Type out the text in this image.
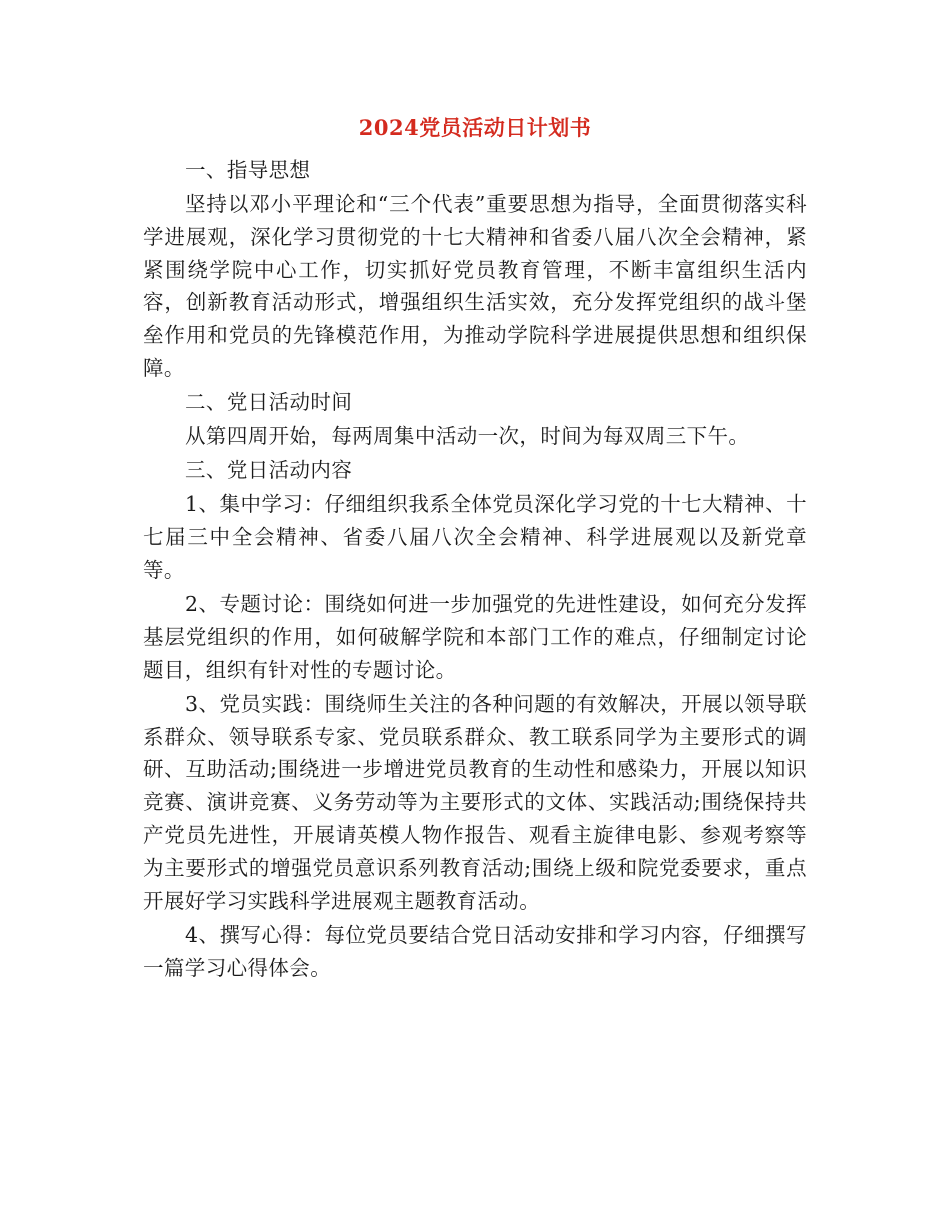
2024党员活动日计划书
一、指导思想
坚持以邓小平理论和“三个代表”重要思想为指导，全面贯彻落实科学进展观，深化学习贯彻党的十七大精神和省委八届八次全会精神，紧紧围绕学院中心工作，切实抓好党员教育管理，不断丰富组织生活内容，创新教育活动形式，增强组织生活实效，充分发挥党组织的战斗堡垒作用和党员的先锋模范作用，为推动学院科学进展提供思想和组织保障。
二、党日活动时间
从第四周开始，每两周集中活动一次，时间为每双周三下午。
三、党日活动内容
1、集中学习：仔细组织我系全体党员深化学习党的十七大精神、十七届三中全会精神、省委八届八次全会精神、科学进展观以及新党章等。
2、专题讨论：围绕如何进一步加强党的先进性建设，如何充分发挥基层党组织的作用，如何破解学院和本部门工作的难点，仔细制定讨论题目，组织有针对性的专题讨论。
3、党员实践：围绕师生关注的各种问题的有效解决，开展以领导联系群众、领导联系专家、党员联系群众、教工联系同学为主要形式的调研、互助活动;围绕进一步增进党员教育的生动性和感染力，开展以知识竞赛、演讲竞赛、义务劳动等为主要形式的文体、实践活动;围绕保持共产党员先进性，开展请英模人物作报告、观看主旋律电影、参观考察等为主要形式的增强党员意识系列教育活动;围绕上级和院党委要求，重点开展好学习实践科学进展观主题教育活动。
4、撰写心得：每位党员要结合党日活动安排和学习内容，仔细撰写一篇学习心得体会。
